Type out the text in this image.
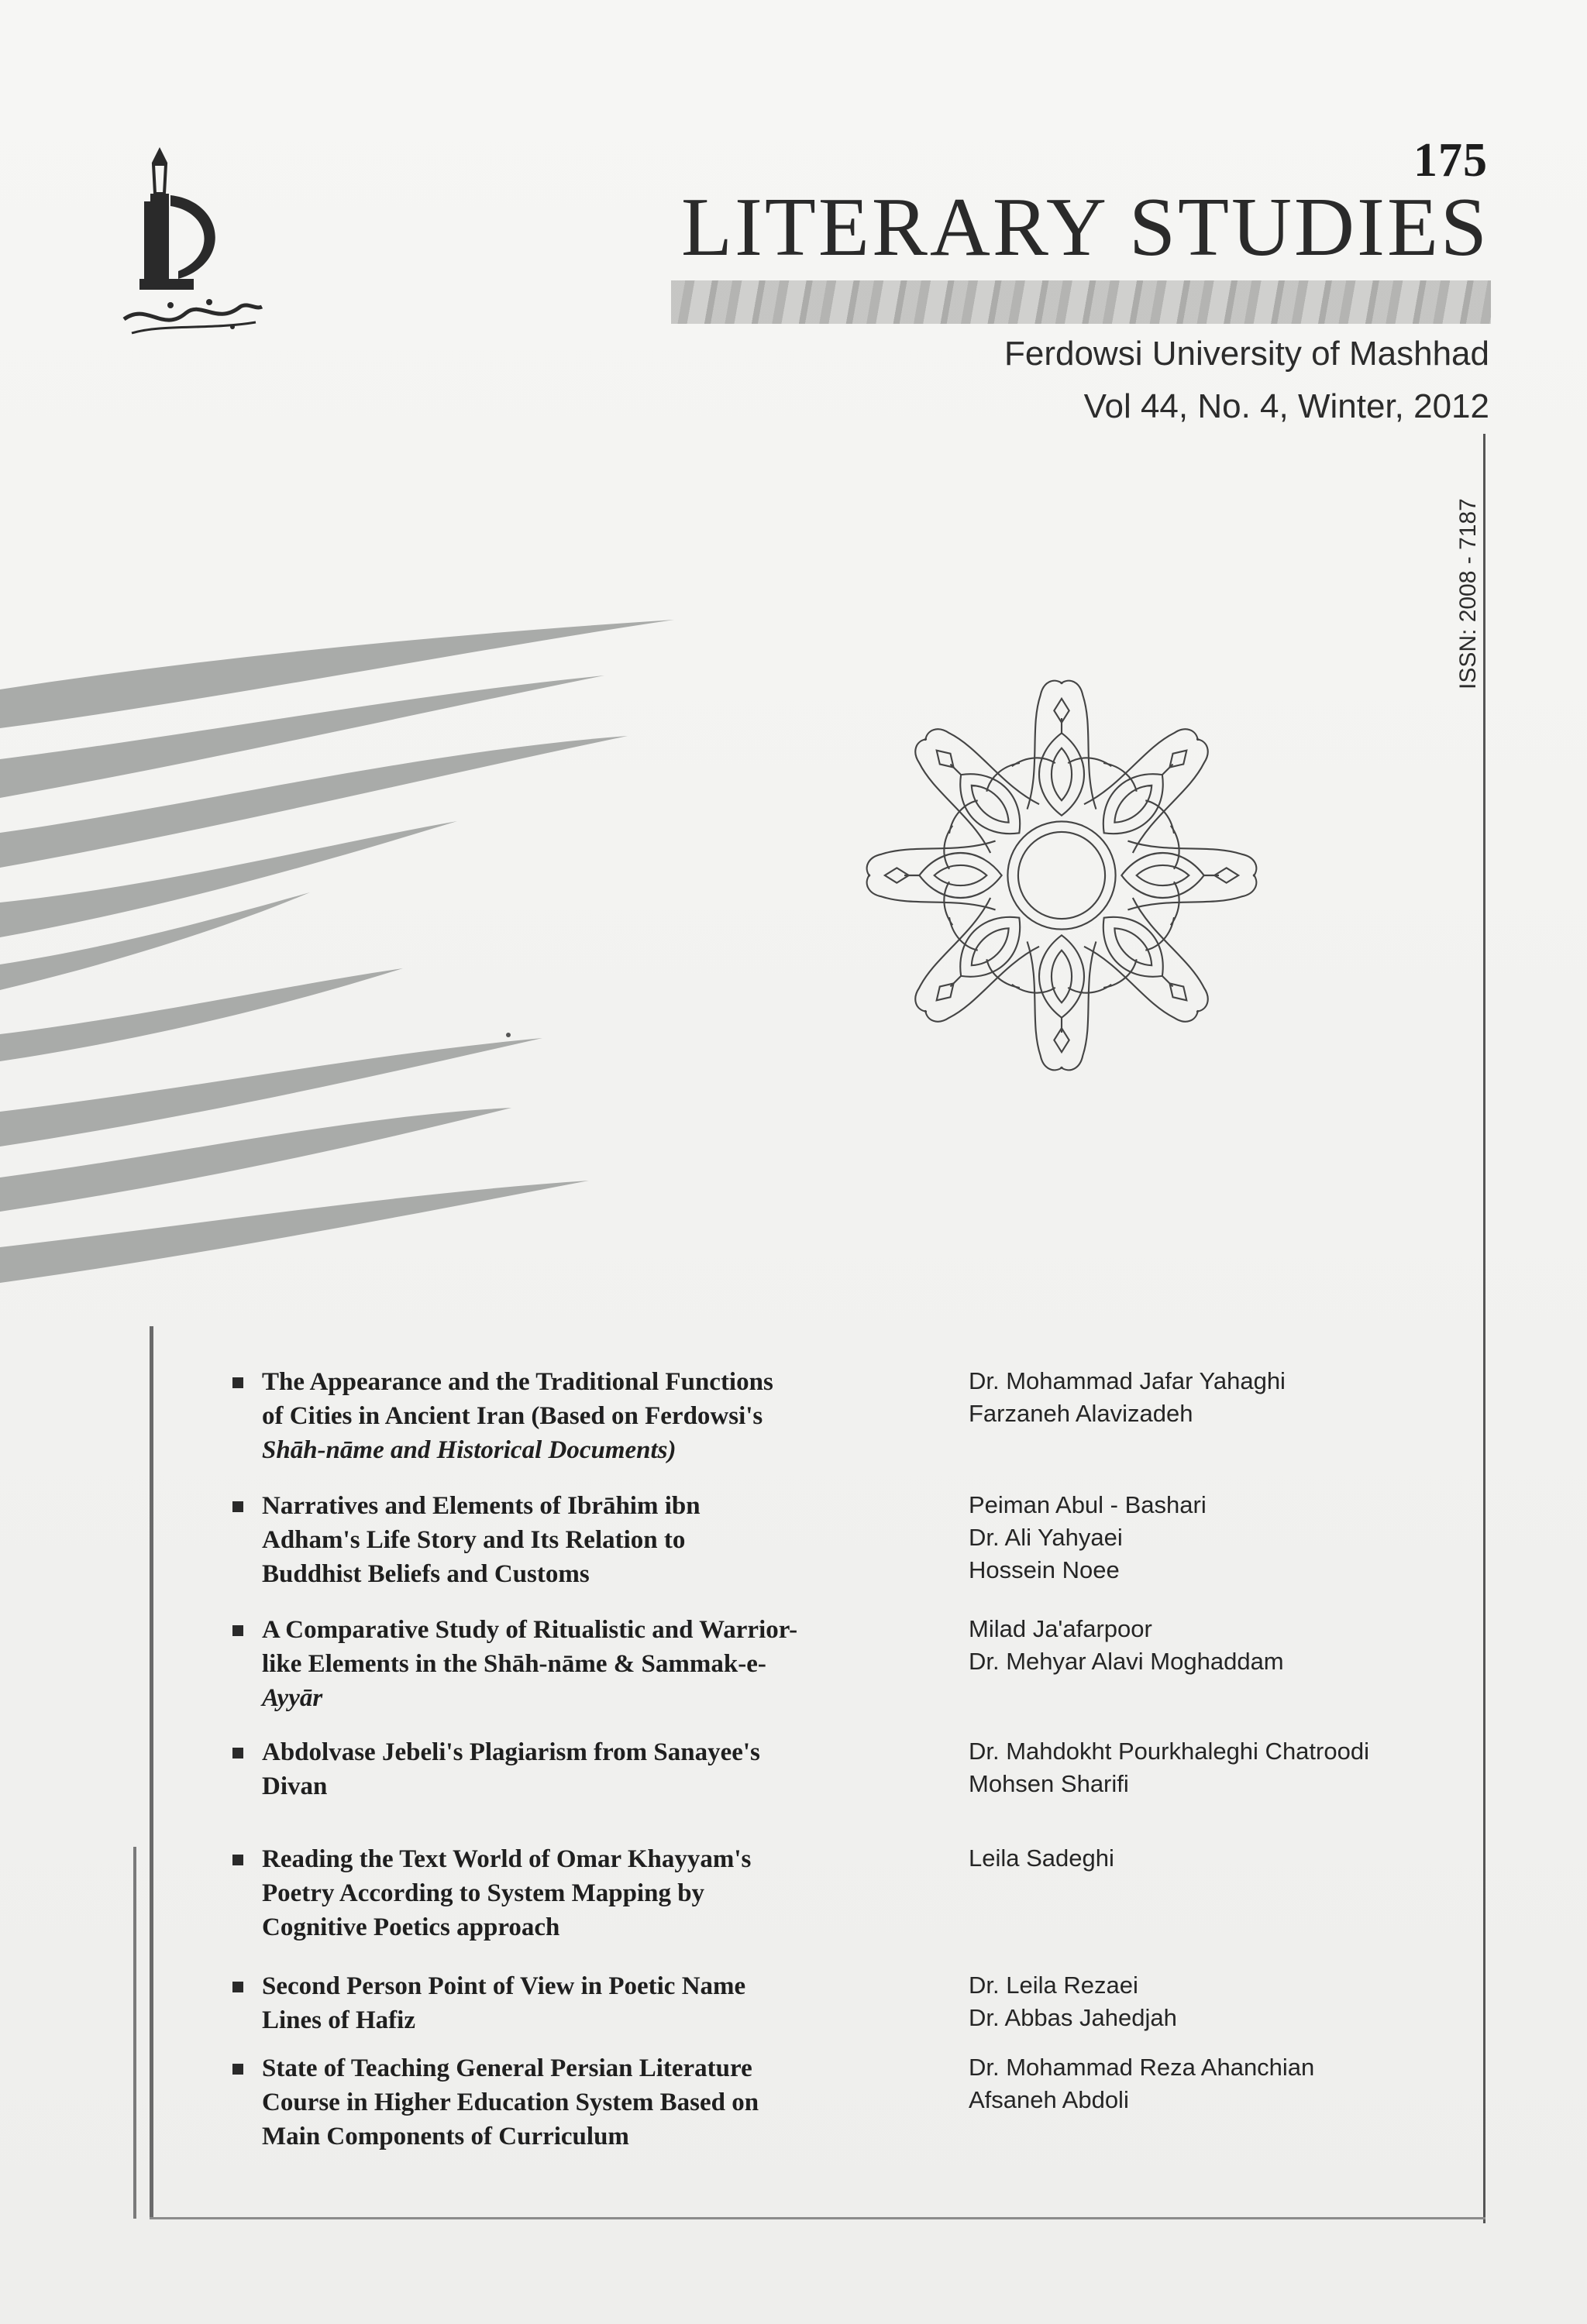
175
LITERARY STUDIES
Ferdowsi University of Mashhad
Vol 44, No. 4, Winter, 2012
ISSN: 2008 - 7187
The Appearance and the Traditional Functions
of Cities in Ancient Iran (Based on Ferdowsi's
Shāh-nāme and Historical Documents)
Dr. Mohammad Jafar Yahaghi
Farzaneh Alavizadeh
Narratives and Elements of Ibrāhim ibn
Adham's Life Story and Its Relation to
Buddhist Beliefs and Customs
Peiman Abul - Bashari
Dr. Ali Yahyaei
Hossein Noee
A Comparative Study of Ritualistic and Warrior-
like Elements in the Shāh-nāme & Sammak-e-
Ayyār
Milad Ja'afarpoor
Dr. Mehyar Alavi Moghaddam
Abdolvase Jebeli's Plagiarism from Sanayee's
Divan
Dr. Mahdokht Pourkhaleghi Chatroodi
Mohsen Sharifi
Reading the Text World of Omar Khayyam's
Poetry According to System Mapping by
Cognitive Poetics approach
Leila Sadeghi
Second Person Point of View in Poetic Name
Lines of Hafiz
Dr. Leila Rezaei
Dr. Abbas Jahedjah
State of Teaching General Persian Literature
Course in Higher Education System Based on
Main Components of Curriculum
Dr. Mohammad Reza Ahanchian
Afsaneh Abdoli
